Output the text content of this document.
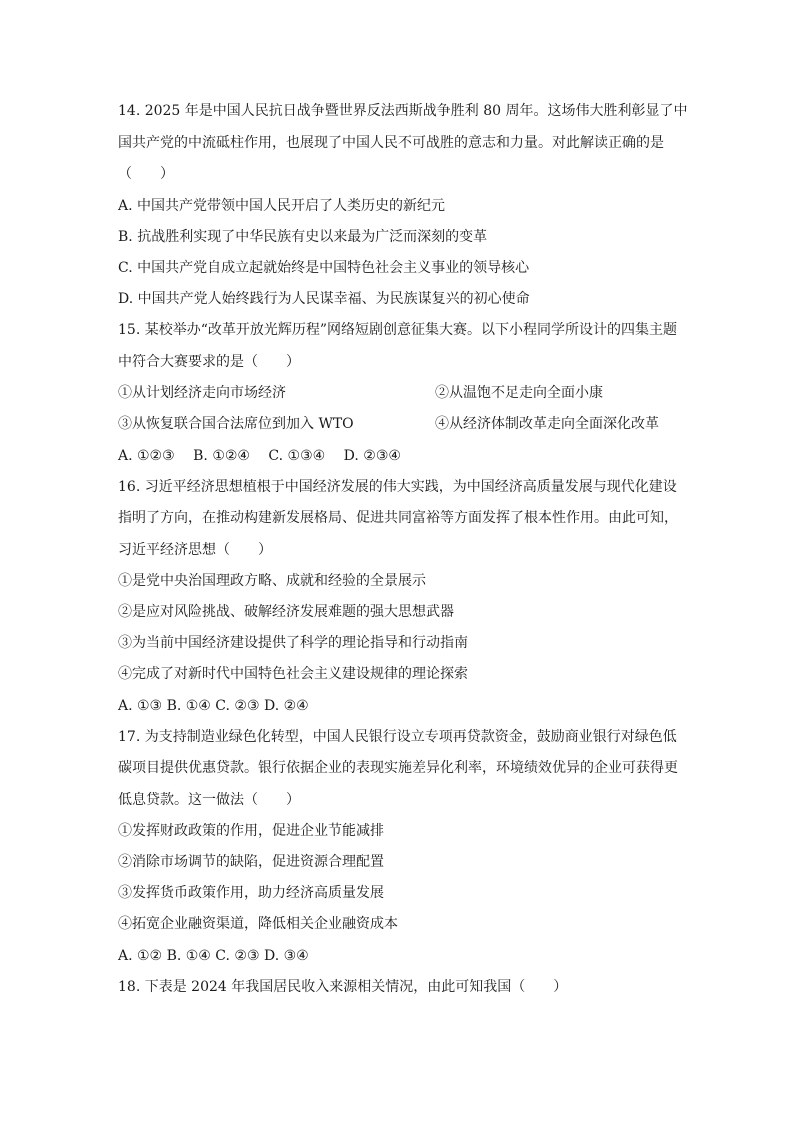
14. 2025 年是中国人民抗日战争暨世界反法西斯战争胜利 80 周年。这场伟大胜利彰显了中

国共产党的中流砥柱作用，也展现了中国人民不可战胜的意志和力量。对此解读正确的是

（　　）

A. 中国共产党带领中国人民开启了人类历史的新纪元

B. 抗战胜利实现了中华民族有史以来最为广泛而深刻的变革

C. 中国共产党自成立起就始终是中国特色社会主义事业的领导核心

D. 中国共产党人始终践行为人民谋幸福、为民族谋复兴的初心使命

15. 某校举办“改革开放光辉历程”网络短剧创意征集大赛。以下小程同学所设计的四集主题

中符合大赛要求的是（　　）

①从计划经济走向市场经济	②从温饱不足走向全面小康

③从恢复联合国合法席位到加入 WTO	④从经济体制改革走向全面深化改革

A. ①②③ B. ①②④ C. ①③④ D. ②③④

16. 习近平经济思想植根于中国经济发展的伟大实践，为中国经济高质量发展与现代化建设

指明了方向，在推动构建新发展格局、促进共同富裕等方面发挥了根本性作用。由此可知，

习近平经济思想（　　）

①是党中央治国理政方略、成就和经验的全景展示

②是应对风险挑战、破解经济发展难题的强大思想武器

③为当前中国经济建设提供了科学的理论指导和行动指南

④完成了对新时代中国特色社会主义建设规律的理论探索

A. ①③ B. ①④ C. ②③ D. ②④

17. 为支持制造业绿色化转型，中国人民银行设立专项再贷款资金，鼓励商业银行对绿色低

碳项目提供优惠贷款。银行依据企业的表现实施差异化利率，环境绩效优异的企业可获得更

低息贷款。这一做法（　　）

①发挥财政政策的作用，促进企业节能减排

②消除市场调节的缺陷，促进资源合理配置

③发挥货币政策作用，助力经济高质量发展

④拓宽企业融资渠道，降低相关企业融资成本

A. ①② B. ①④ C. ②③ D. ③④

18. 下表是 2024 年我国居民收入来源相关情况，由此可知我国（　　）
